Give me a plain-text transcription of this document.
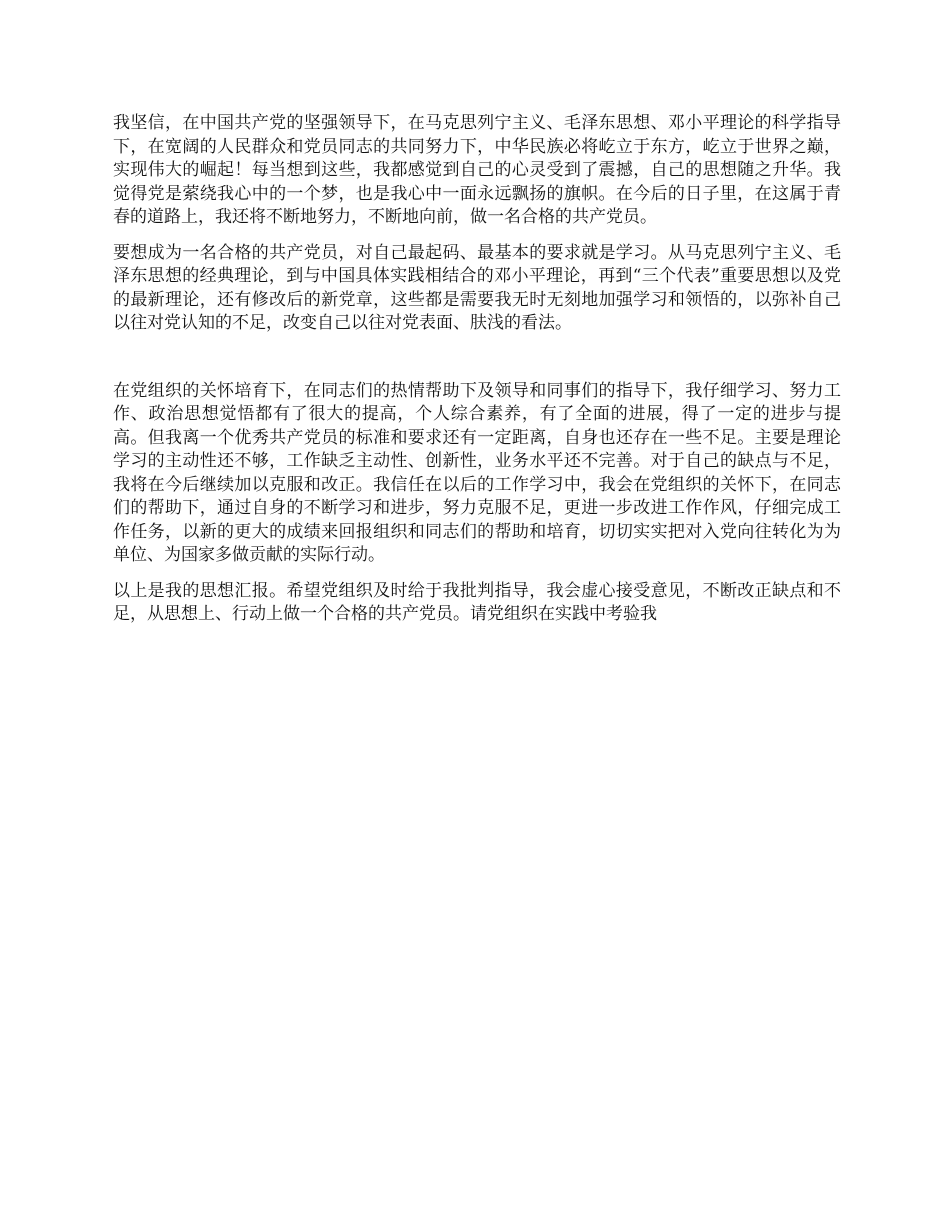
我坚信，在中国共产党的坚强领导下，在马克思列宁主义、毛泽东思想、邓小平理论的科学指导下，在宽阔的人民群众和党员同志的共同努力下，中华民族必将屹立于东方，屹立于世界之巅，实现伟大的崛起！每当想到这些，我都感觉到自己的心灵受到了震撼，自己的思想随之升华。我觉得党是萦绕我心中的一个梦，也是我心中一面永远飘扬的旗帜。在今后的日子里，在这属于青春的道路上，我还将不断地努力，不断地向前，做一名合格的共产党员。

要想成为一名合格的共产党员，对自己最起码、最基本的要求就是学习。从马克思列宁主义、毛泽东思想的经典理论，到与中国具体实践相结合的邓小平理论，再到“三个代表”重要思想以及党的最新理论，还有修改后的新党章，这些都是需要我无时无刻地加强学习和领悟的，以弥补自己以往对党认知的不足，改变自己以往对党表面、肤浅的看法。

在党组织的关怀培育下，在同志们的热情帮助下及领导和同事们的指导下，我仔细学习、努力工作、政治思想觉悟都有了很大的提高，个人综合素养，有了全面的进展，得了一定的进步与提高。但我离一个优秀共产党员的标准和要求还有一定距离，自身也还存在一些不足。主要是理论学习的主动性还不够，工作缺乏主动性、创新性，业务水平还不完善。对于自己的缺点与不足，我将在今后继续加以克服和改正。我信任在以后的工作学习中，我会在党组织的关怀下，在同志们的帮助下，通过自身的不断学习和进步，努力克服不足，更进一步改进工作作风，仔细完成工作任务，以新的更大的成绩来回报组织和同志们的帮助和培育，切切实实把对入党向往转化为为单位、为国家多做贡献的实际行动。

以上是我的思想汇报。希望党组织及时给于我批判指导，我会虚心接受意见，不断改正缺点和不足，从思想上、行动上做一个合格的共产党员。请党组织在实践中考验我
